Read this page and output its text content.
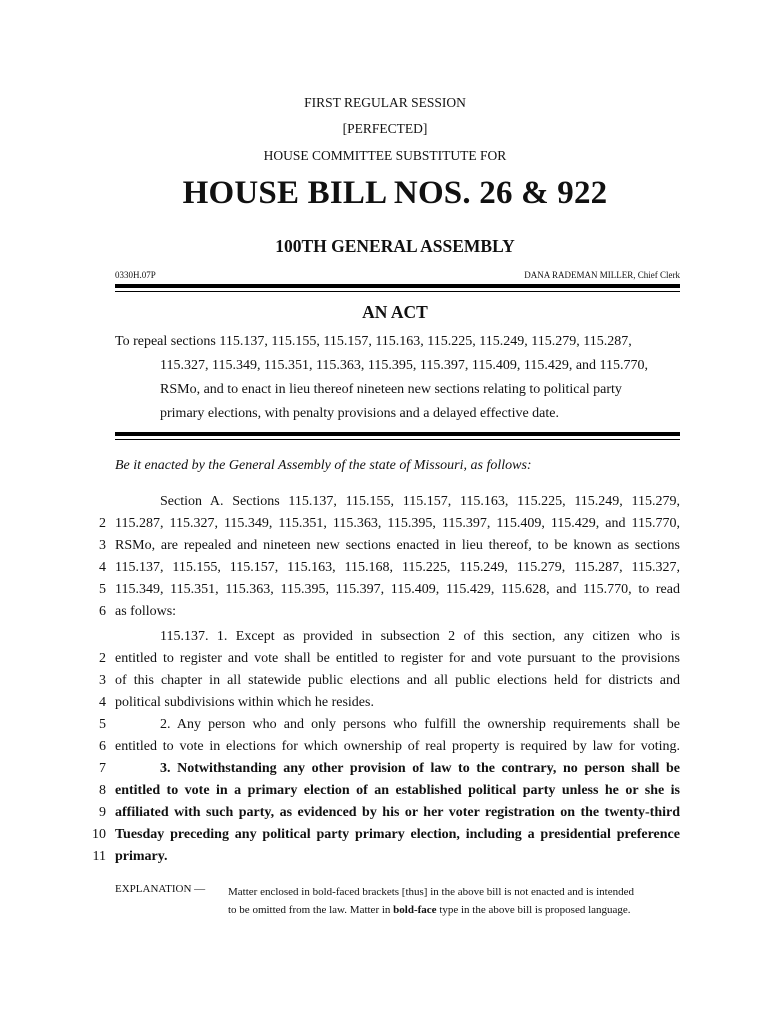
FIRST REGULAR SESSION
[PERFECTED]
HOUSE COMMITTEE SUBSTITUTE FOR
HOUSE BILL NOS. 26 & 922
100TH GENERAL ASSEMBLY
0330H.07P	DANA RADEMAN MILLER, Chief Clerk
AN ACT
To repeal sections 115.137, 115.155, 115.157, 115.163, 115.225, 115.249, 115.279, 115.287,
115.327, 115.349, 115.351, 115.363, 115.395, 115.397, 115.409, 115.429, and 115.770,
RSMo, and to enact in lieu thereof nineteen new sections relating to political party
primary elections, with penalty provisions and a delayed effective date.
Be it enacted by the General Assembly of the state of Missouri, as follows:
Section A. Sections 115.137, 115.155, 115.157, 115.163, 115.225, 115.249, 115.279,
2 115.287, 115.327, 115.349, 115.351, 115.363, 115.395, 115.397, 115.409, 115.429, and 115.770,
3 RSMo, are repealed and nineteen new sections enacted in lieu thereof, to be known as sections
4 115.137, 115.155, 115.157, 115.163, 115.168, 115.225, 115.249, 115.279, 115.287, 115.327,
5 115.349, 115.351, 115.363, 115.395, 115.397, 115.409, 115.429, 115.628, and 115.770, to read
6 as follows:
115.137. 1. Except as provided in subsection 2 of this section, any citizen who is
2 entitled to register and vote shall be entitled to register for and vote pursuant to the provisions
3 of this chapter in all statewide public elections and all public elections held for districts and
4 political subdivisions within which he resides.
5	2. Any person who and only persons who fulfill the ownership requirements shall be
6 entitled to vote in elections for which ownership of real property is required by law for voting.
7	3. Notwithstanding any other provision of law to the contrary, no person shall be
8 entitled to vote in a primary election of an established political party unless he or she is
9 affiliated with such party, as evidenced by his or her voter registration on the twenty-third
10 Tuesday preceding any political party primary election, including a presidential preference
11 primary.
EXPLANATION — Matter enclosed in bold-faced brackets [thus] in the above bill is not enacted and is intended
to be omitted from the law. Matter in bold-face type in the above bill is proposed language.
